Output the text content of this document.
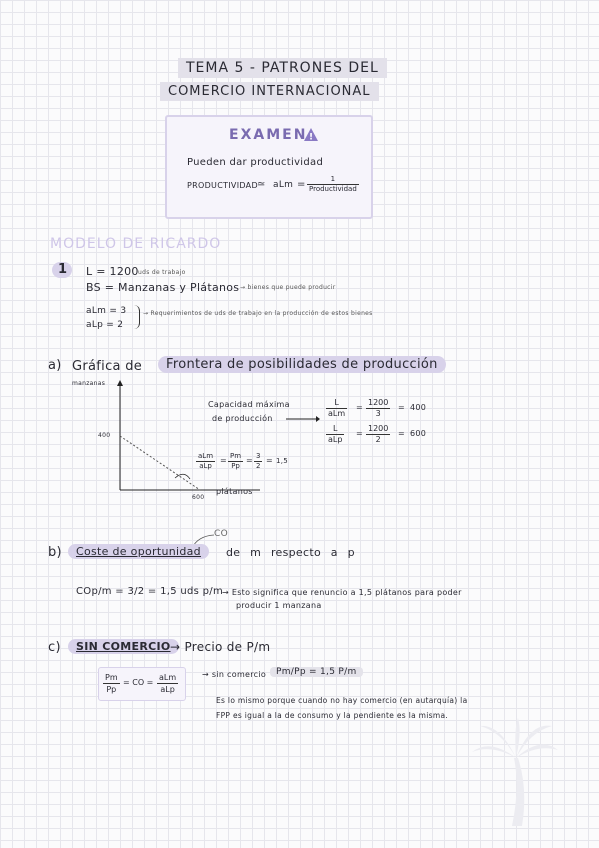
TEMA 5 - PATRONES DEL
COMERCIO INTERNACIONAL
EXAMEN !
Pueden dar productividad
PRODUCTIVIDAD ≃ aLm =	1
Productividad
MODELO DE RICARDO
1 L = 1200 uds de trabajo
BS = Manzanas y Plátanos → bienes que puede producir
aLm = 3
aLp = 2
→ Requerimientos de uds de trabajo en la producción de estos bienes
a) Gráfica de	Frontera de posibilidades de producción
manzanas
400
plátanos
600
aLm
aLp
= $\frac{Pm}{Pp} = \frac{3}{2} = 1,5$
Capacidad máxima
de producción
L
aLm
= $\frac{1200}{3} = 400$
L
aLp
= $\frac{1200}{2} = 600$
CO
b)	Coste de oportunidad	de m respecto a p
COp/m = 3/2 = 1,5 uds p/m → Esto significa que renuncio a 1,5 plátanos para poder
producir 1 manzana
c)	SIN COMERCIO → Precio de P/m
$\frac{Pm}{Pp}$ = CO =
aLm
aLp
→ sin comercio	Pm/Pp = 1,5 P/m
Es lo mismo porque cuando no hay comercio (en autarquía) la
FPP es igual a la de consumo y la pendiente es la misma.
